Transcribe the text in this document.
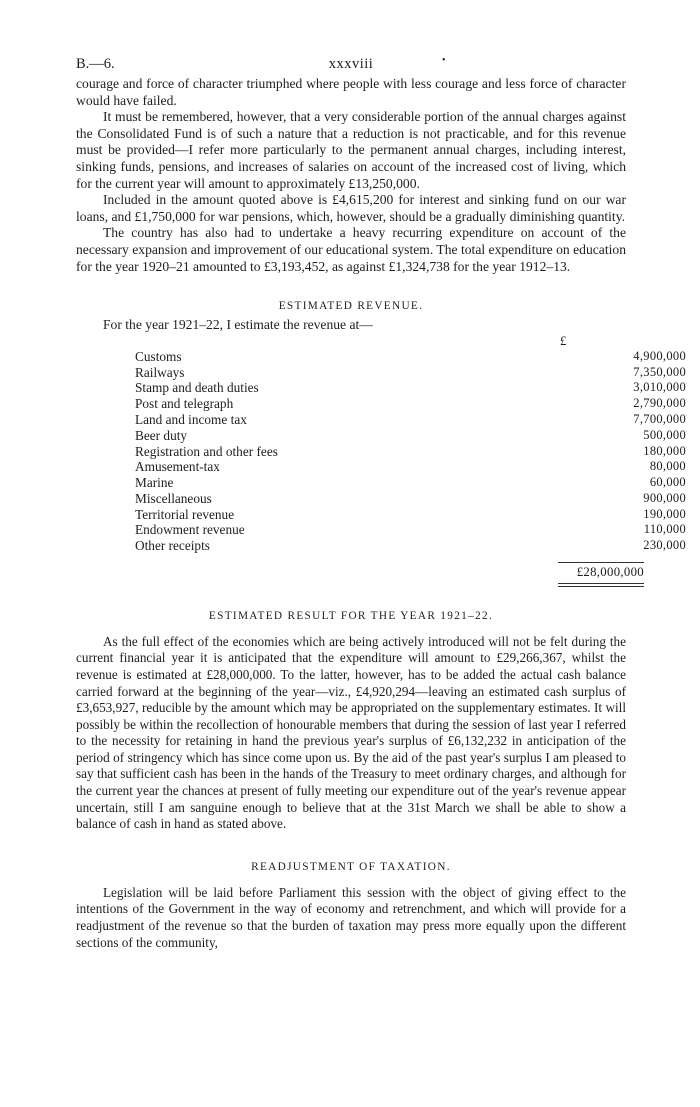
B.—6.	xxxviii	•

courage and force of character triumphed where people with less courage and less force of character would have failed.

It must be remembered, however, that a very considerable portion of the annual charges against the Consolidated Fund is of such a nature that a reduction is not practicable, and for this revenue must be provided—I refer more particularly to the permanent annual charges, including interest, sinking funds, pensions, and increases of salaries on account of the increased cost of living, which for the current year will amount to approximately £13,250,000.

Included in the amount quoted above is £4,615,200 for interest and sinking fund on our war loans, and £1,750,000 for war pensions, which, however, should be a gradually diminishing quantity.

The country has also had to undertake a heavy recurring expenditure on account of the necessary expansion and improvement of our educational system. The total expenditure on education for the year 1920–21 amounted to £3,193,452, as against £1,324,738 for the year 1912–13.

ESTIMATED REVENUE.

For the year 1921–22, I estimate the revenue at—

£
Customs	4,900,000
Railways	7,350,000
Stamp and death duties	3,010,000
Post and telegraph	2,790,000
Land and income tax	7,700,000
Beer duty	500,000
Registration and other fees	180,000
Amusement-tax	80,000
Marine	60,000
Miscellaneous	900,000
Territorial revenue	190,000
Endowment revenue	110,000
Other receipts	230,000
£28,000,000
ESTIMATED RESULT FOR THE YEAR 1921–22.

As the full effect of the economies which are being actively introduced will not be felt during the current financial year it is anticipated that the expenditure will amount to £29,266,367, whilst the revenue is estimated at £28,000,000. To the latter, however, has to be added the actual cash balance carried forward at the beginning of the year—viz., £4,920,294—leaving an estimated cash surplus of £3,653,927, reducible by the amount which may be appropriated on the supplementary estimates. It will possibly be within the recollection of honourable members that during the session of last year I referred to the necessity for retaining in hand the previous year's surplus of £6,132,232 in anticipation of the period of stringency which has since come upon us. By the aid of the past year's surplus I am pleased to say that sufficient cash has been in the hands of the Treasury to meet ordinary charges, and although for the current year the chances at present of fully meeting our expenditure out of the year's revenue appear uncertain, still I am sanguine enough to believe that at the 31st March we shall be able to show a balance of cash in hand as stated above.

READJUSTMENT OF TAXATION.

Legislation will be laid before Parliament this session with the object of giving effect to the intentions of the Government in the way of economy and retrenchment, and which will provide for a readjustment of the revenue so that the burden of taxation may press more equally upon the different sections of the community,
